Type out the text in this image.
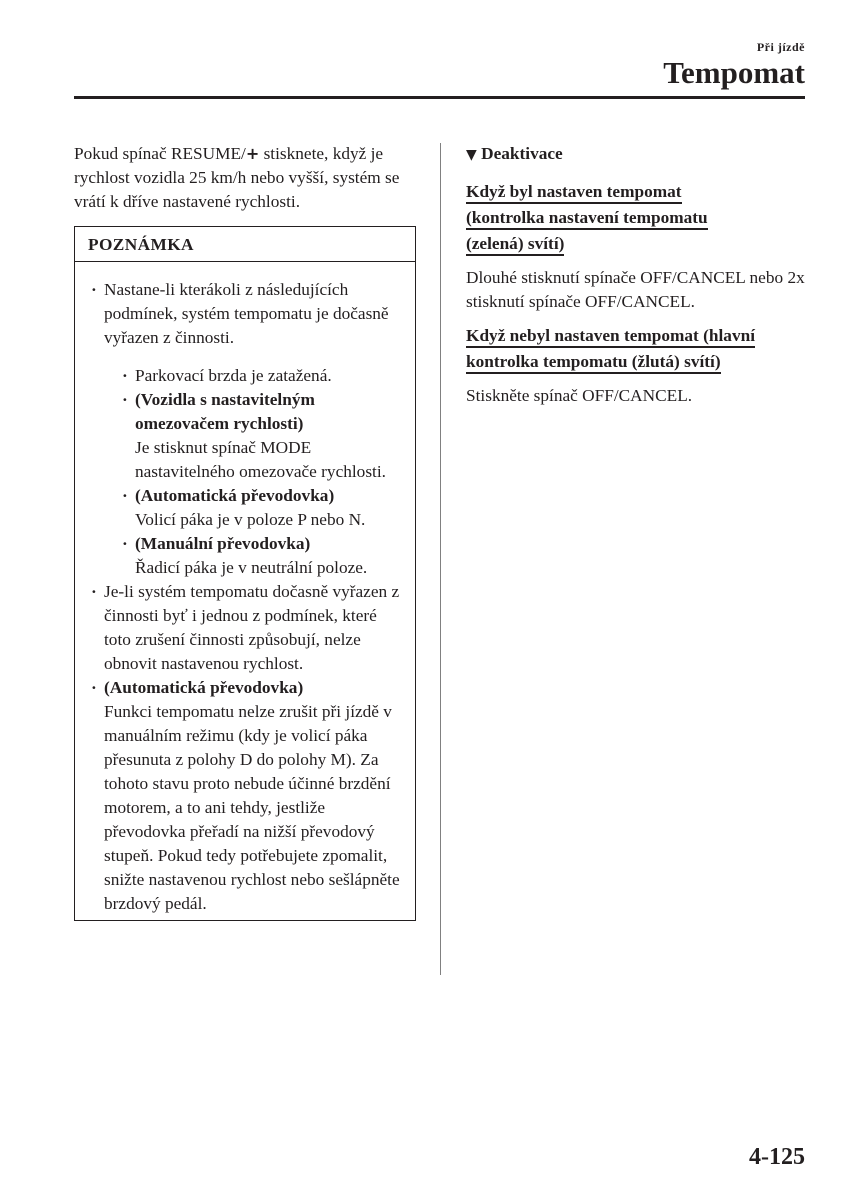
Při jízdě
Tempomat

Pokud spínač RESUME/+ stisknete, když je rychlost vozidla 25 km/h nebo vyšší, systém se vrátí k dříve nastavené rychlosti.

POZNÁMKA
· Nastane-li kterákoli z následujících podmínek, systém tempomatu je dočasně vyřazen z činnosti.
· Parkovací brzda je zatažená.
· (Vozidla s nastavitelným omezovačem rychlosti)
Je stisknut spínač MODE nastavitelného omezovače rychlosti.
· (Automatická převodovka)
Volicí páka je v poloze P nebo N.
· (Manuální převodovka)
Řadicí páka je v neutrální poloze.
· Je-li systém tempomatu dočasně vyřazen z činnosti byť i jednou z podmínek, které toto zrušení činnosti způsobují, nelze obnovit nastavenou rychlost.
· (Automatická převodovka)
Funkci tempomatu nelze zrušit při jízdě v manuálním režimu (kdy je volicí páka přesunuta z polohy D do polohy M). Za tohoto stavu proto nebude účinné brzdění motorem, a to ani tehdy, jestliže převodovka přeřadí na nižší převodový stupeň. Pokud tedy potřebujete zpomalit, snižte nastavenou rychlost nebo sešlápněte brzdový pedál.
▼ Deaktivace
Když byl nastaven tempomat
(kontrolka nastavení tempomatu
(zelená) svítí)

Dlouhé stisknutí spínače OFF/CANCEL nebo 2x stisknutí spínače OFF/CANCEL.

Když nebyl nastaven tempomat (hlavní
kontrolka tempomatu (žlutá) svítí)

Stiskněte spínač OFF/CANCEL.

4-125
